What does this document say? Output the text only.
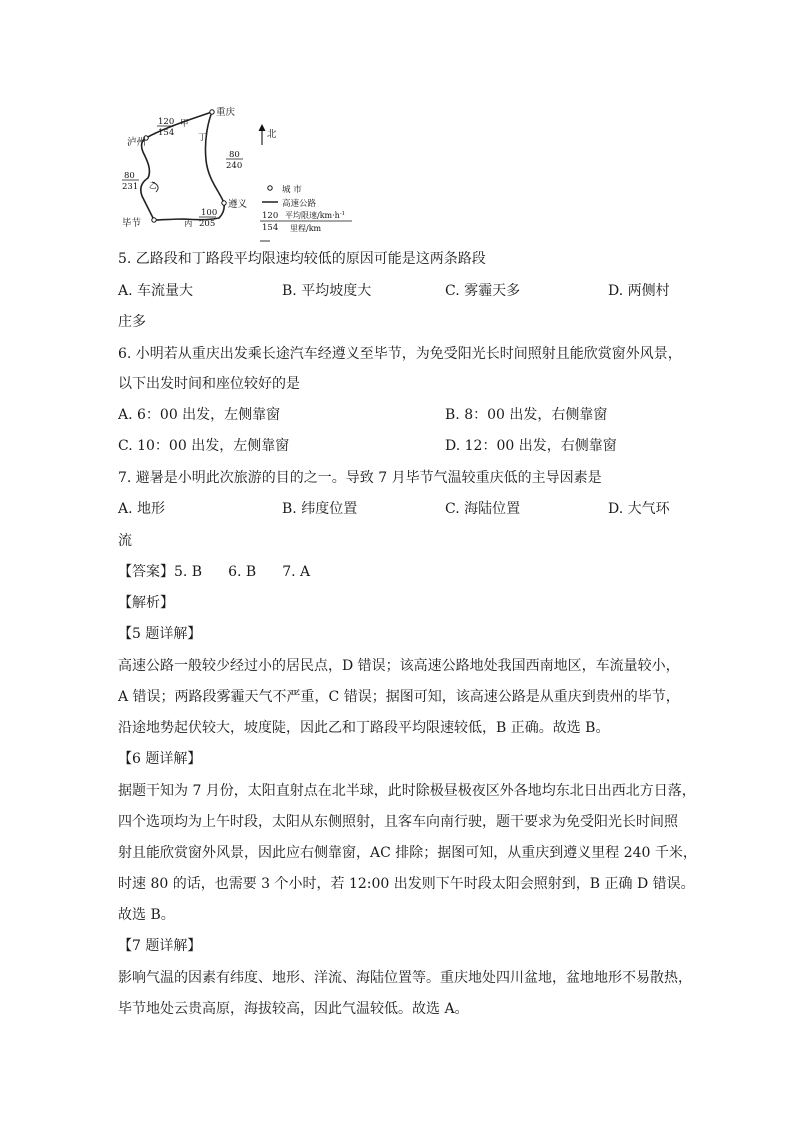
重庆
泸州
遵义
毕节
120
154
甲
丁
80
240
80
231 乙
丙
100
205
北
城 市
高速公路
120
154
平均限速$/km\cdot h^{-1}$
里程/km
5. 乙路段和丁路段平均限速均较低的原因可能是这两条路段
A. 车流量大	B. 平均坡度大	C. 雾霾天多	D. 两侧村
庄多
6. 小明若从重庆出发乘长途汽车经遵义至毕节，为免受阳光长时间照射且能欣赏窗外风景，
以下出发时间和座位较好的是
A. 6：00 出发，左侧靠窗	B. 8：00 出发，右侧靠窗
C. 10：00 出发，左侧靠窗	D. 12：00 出发，右侧靠窗
7. 避暑是小明此次旅游的目的之一。导致 7 月毕节气温较重庆低的主导因素是
A. 地形	B. 纬度位置	C. 海陆位置	D. 大气环
流
【答案】5. B 6. B 7. A
【解析】
【5 题详解】
高速公路一般较少经过小的居民点，D 错误；该高速公路地处我国西南地区，车流量较小，
A 错误；两路段雾霾天气不严重，C 错误；据图可知，该高速公路是从重庆到贵州的毕节，
沿途地势起伏较大，坡度陡，因此乙和丁路段平均限速较低，B 正确。故选 B。
【6 题详解】
据题干知为 7 月份，太阳直射点在北半球，此时除极昼极夜区外各地均东北日出西北方日落，
四个选项均为上午时段，太阳从东侧照射，且客车向南行驶，题干要求为免受阳光长时间照
射且能欣赏窗外风景，因此应右侧靠窗，AC 排除；据图可知，从重庆到遵义里程 240 千米，
时速 80 的话，也需要 3 个小时，若 12:00 出发则下午时段太阳会照射到，B 正确 D 错误。
故选 B。
【7 题详解】
影响气温的因素有纬度、地形、洋流、海陆位置等。重庆地处四川盆地，盆地地形不易散热，
毕节地处云贵高原，海拔较高，因此气温较低。故选 A。
